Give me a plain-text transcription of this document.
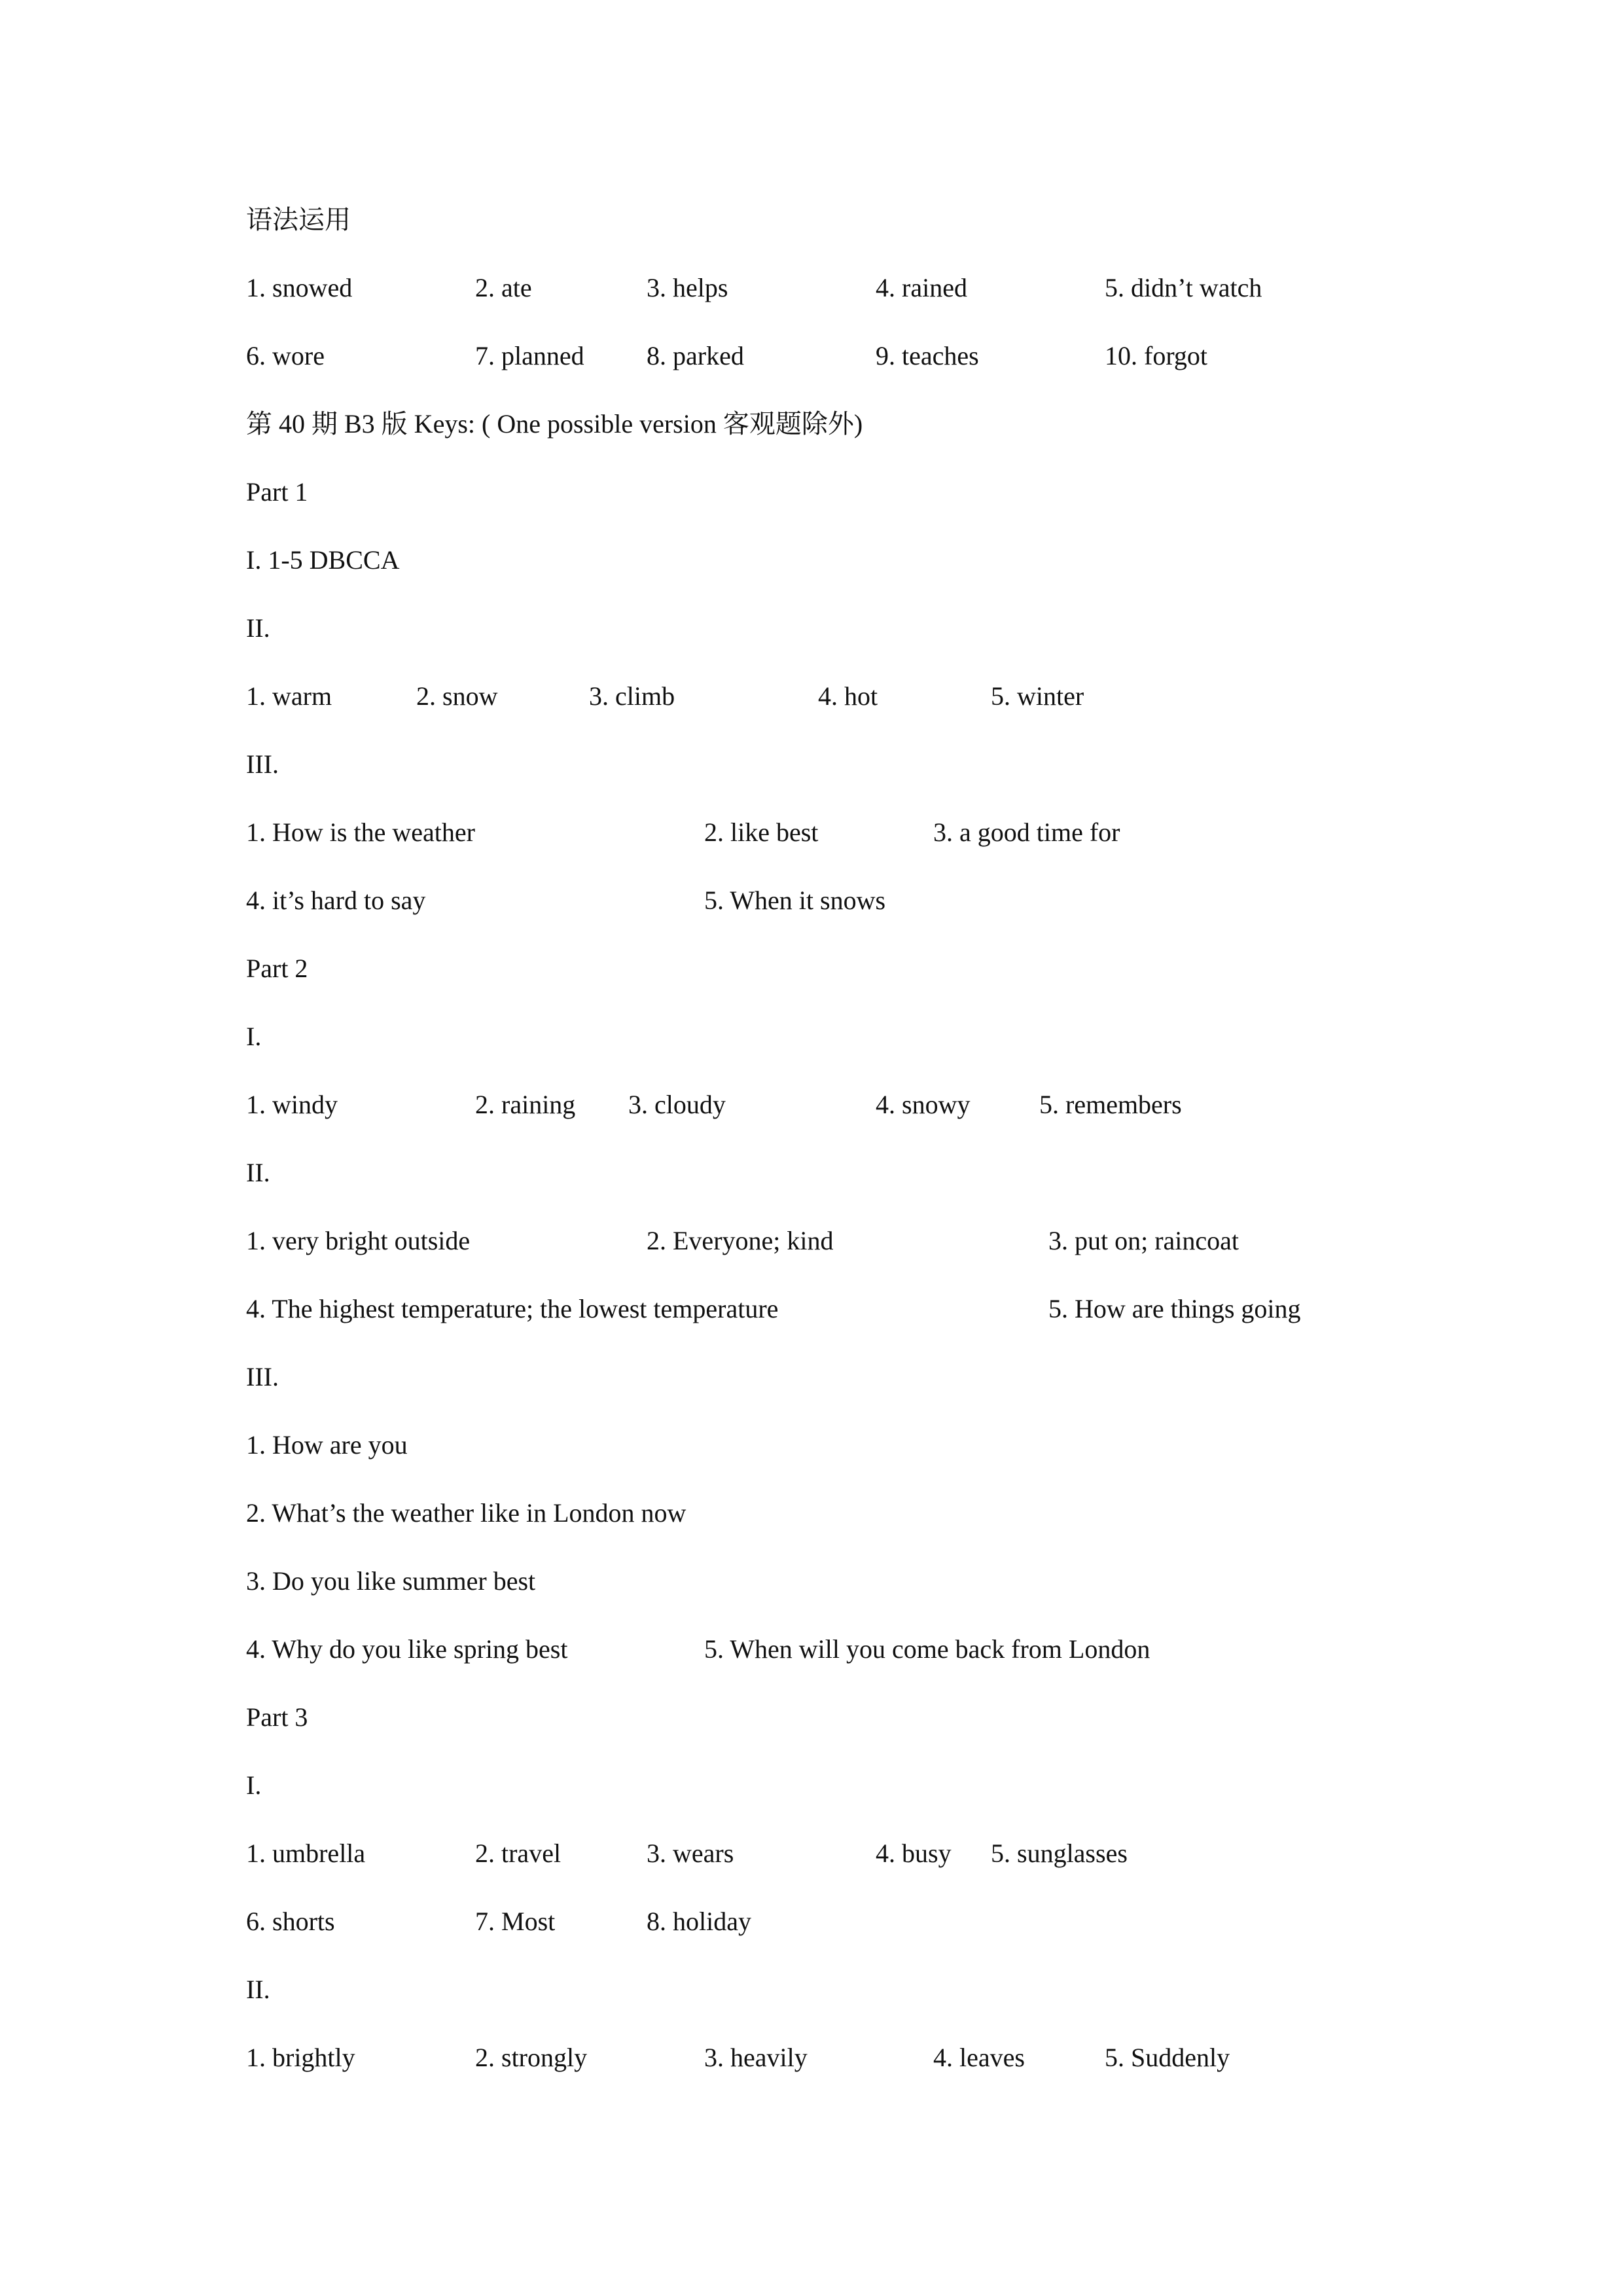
语法运用
1. snowed	2. ate	3. helps	4. rained	5. didn’t watch
6. wore	7. planned 8. parked	9. teaches	10. forgot
第 40 期 B3 版 Keys: ( One possible version 客观题除外)
Part 1
I. 1-5 DBCCA
II.
1. warm	2. snow	3. climb	4. hot	5. winter
III.
1. How is the weather	2. like best	3. a good time for
4. it’s hard to say	5. When it snows
Part 2
I.
1. windy	2. raining 3. cloudy	4. snowy	5. remembers
II.
1. very bright outside	2. Everyone; kind	3. put on; raincoat
4. The highest temperature; the lowest temperature	5. How are things going
III.
1. How are you
2. What’s the weather like in London now
3. Do you like summer best
4. Why do you like spring best	5. When will you come back from London
Part 3
I.
1. umbrella	2. travel	3. wears	4. busy 5. sunglasses
6. shorts	7. Most	8. holiday
II.
1. brightly	2. strongly	3. heavily	4. leaves	5. Suddenly
